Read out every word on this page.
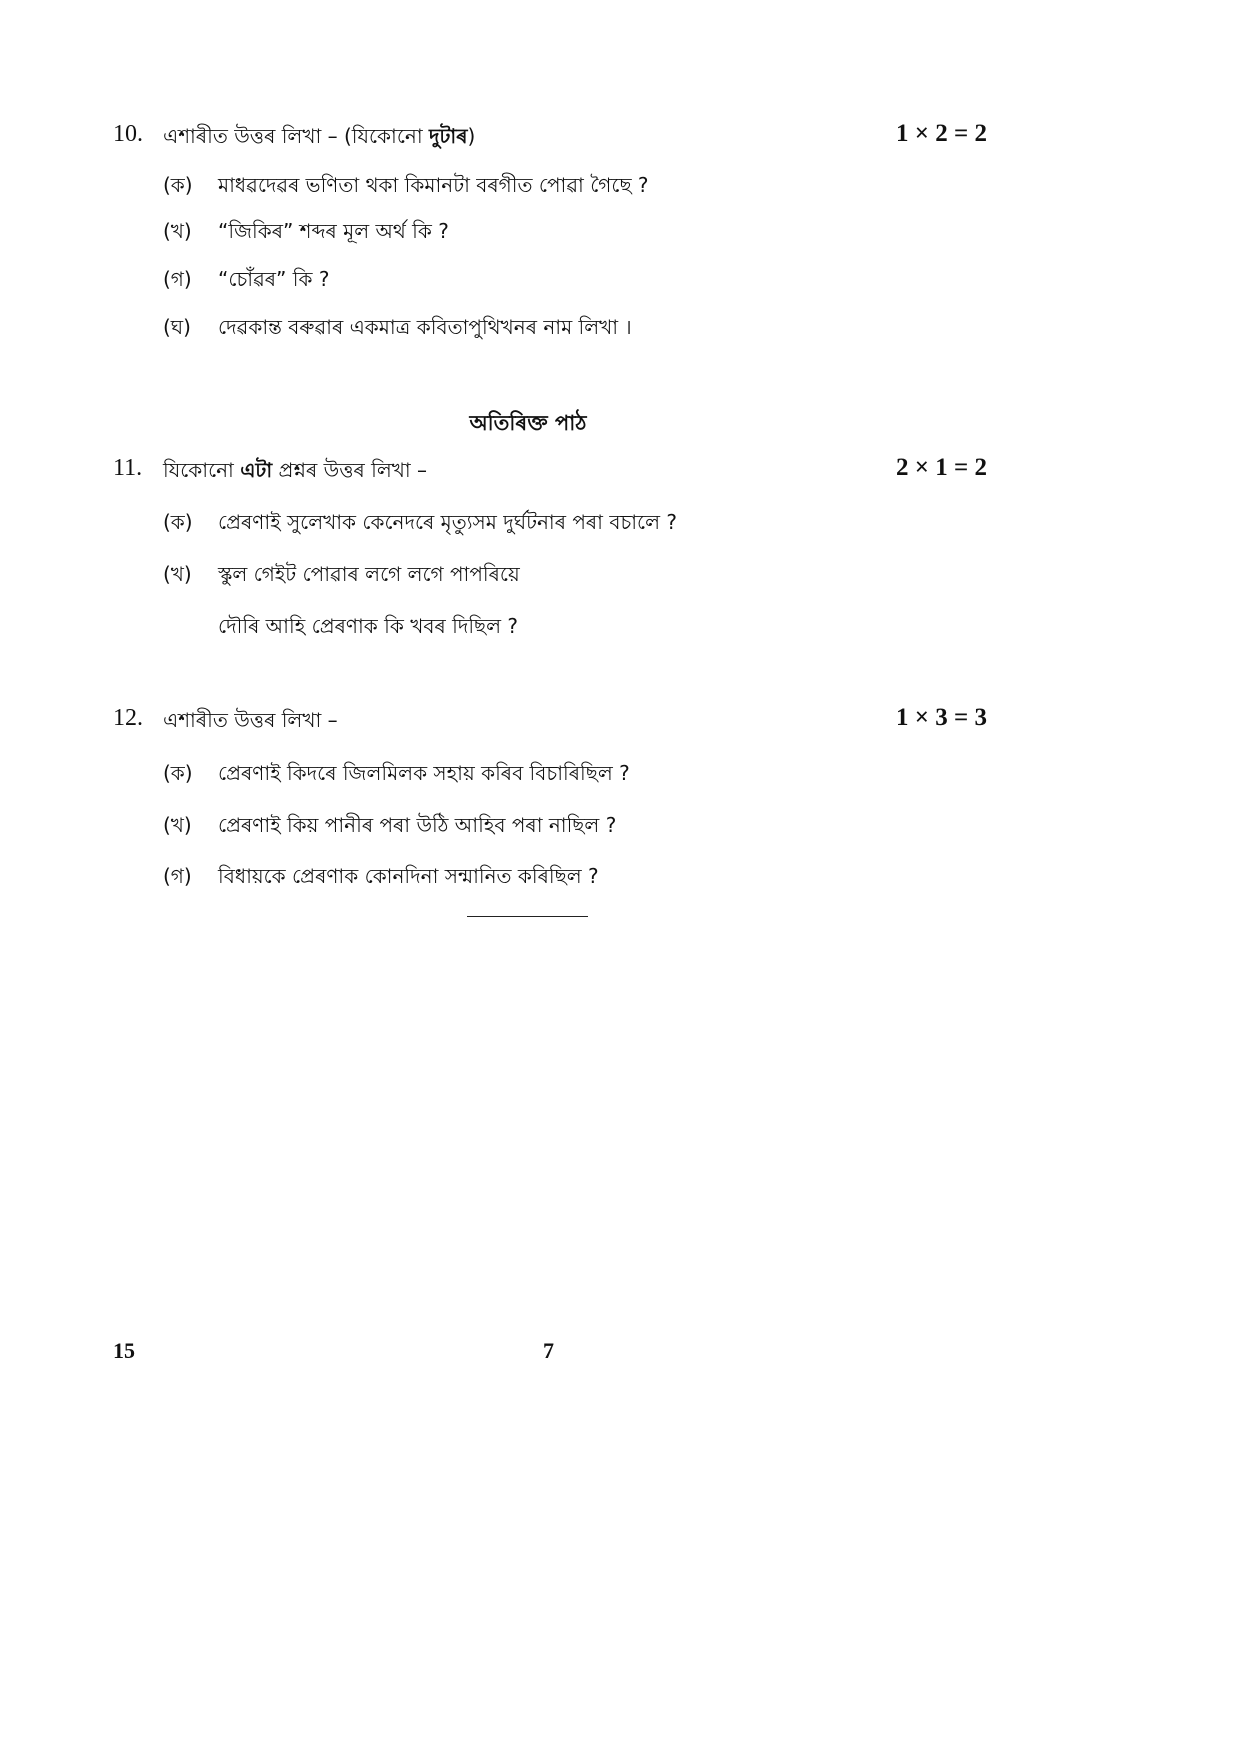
10. এশাৰীত উত্তৰ লিখা – (যিকোনো দুটাৰ)	1 × 2 = 2
(ক) মাধৱদেৱৰ ভণিতা থকা কিমানটা বৰগীত পোৱা গৈছে ?
(খ) “জিকিৰ” শব্দৰ মূল অৰ্থ কি ?
(গ) “চোঁৱৰ” কি ?
(ঘ) দেৱকান্ত বৰুৱাৰ একমাত্ৰ কবিতাপুথিখনৰ নাম লিখা ।
অতিৰিক্ত পাঠ
11. যিকোনো এটা প্ৰশ্নৰ উত্তৰ লিখা –	2 × 1 = 2
(ক) প্ৰেৰণাই সুলেখাক কেনেদৰে মৃত্যুসম দুৰ্ঘটনাৰ পৰা বচালে ?
(খ) স্কুল গেইট পোৱাৰ লগে লগে পাপৰিয়ে
দৌৰি আহি প্ৰেৰণাক কি খবৰ দিছিল ?
12. এশাৰীত উত্তৰ লিখা –	1 × 3 = 3
(ক) প্ৰেৰণাই কিদৰে জিলমিলক সহায় কৰিব বিচাৰিছিল ?
(খ) প্ৰেৰণাই কিয় পানীৰ পৰা উঠি আহিব পৰা নাছিল ?
(গ) বিধায়কে প্ৰেৰণাক কোনদিনা সন্মানিত কৰিছিল ?
15	7
